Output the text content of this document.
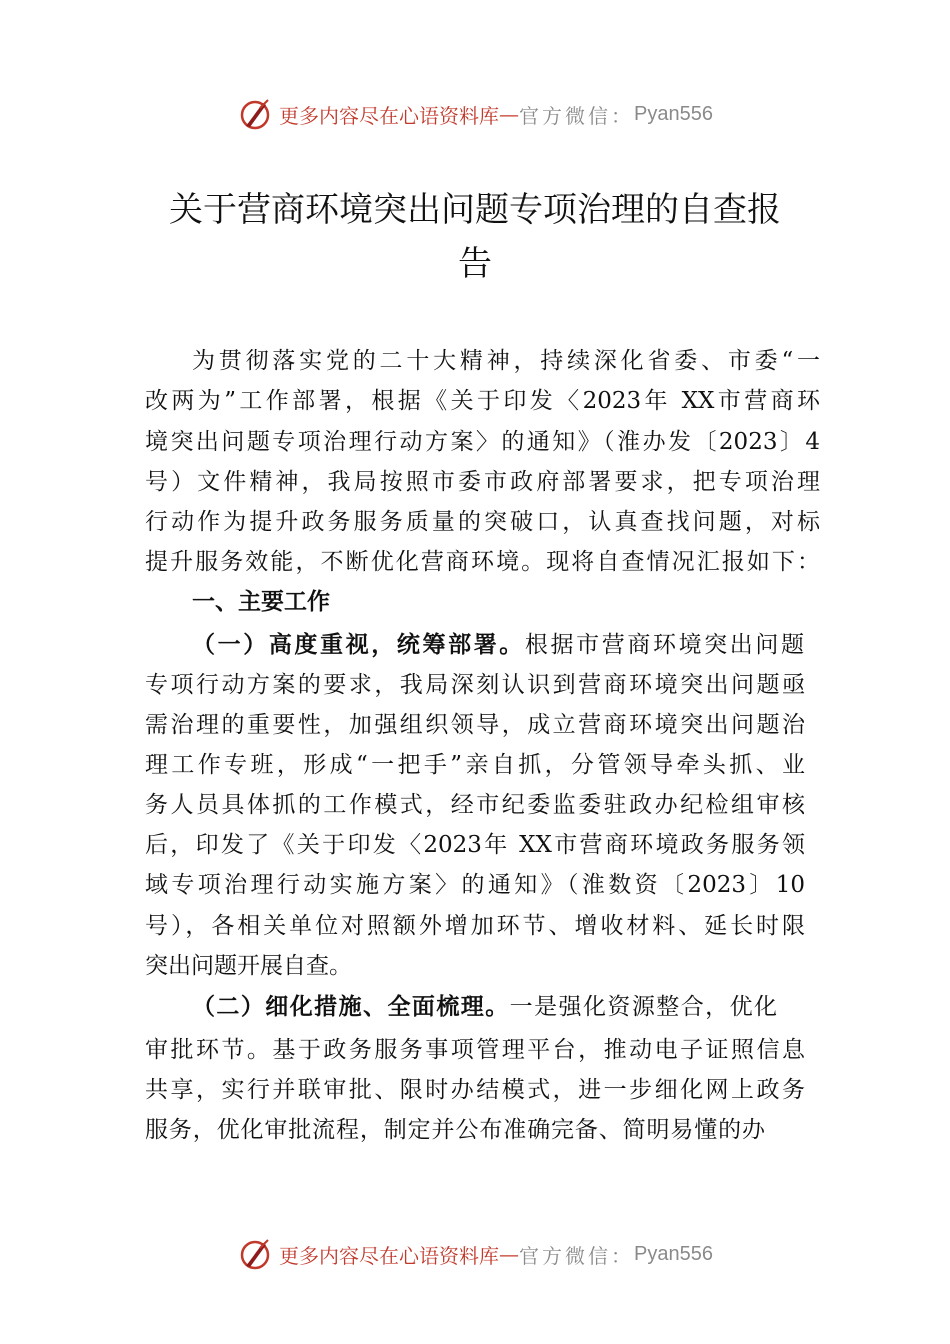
更多内容尽在心语资料库 — 官方微信： Pyan556
关于营商环境突出问题专项治理的自查报
告
为贯彻落实党的二十大精神，持续深化省委、市委“一
改两为”工作部署，根据《关于印发〈2023年 XX市营商环
境突出问题专项治理行动方案〉的通知》（淮办发〔2023〕4
号）文件精神，我局按照市委市政府部署要求，把专项治理
行动作为提升政务服务质量的突破口，认真查找问题，对标
提升服务效能，不断优化营商环境。现将自查情况汇报如下：
一、主要工作
（一）高度重视，统筹部署。根据市营商环境突出问题
专项行动方案的要求，我局深刻认识到营商环境突出问题亟
需治理的重要性，加强组织领导，成立营商环境突出问题治
理工作专班，形成“一把手”亲自抓，分管领导牵头抓、业
务人员具体抓的工作模式，经市纪委监委驻政办纪检组审核
后，印发了《关于印发〈2023年 XX市营商环境政务服务领
域专项治理行动实施方案〉的通知》（淮数资〔2023〕10
号），各相关单位对照额外增加环节、增收材料、延长时限
突出问题开展自查。
（二）细化措施、全面梳理。一是强化资源整合，优化
审批环节。基于政务服务事项管理平台，推动电子证照信息
共享，实行并联审批、限时办结模式，进一步细化网上政务
服务，优化审批流程，制定并公布准确完备、简明易懂的办
更多内容尽在心语资料库 — 官方微信： Pyan556
